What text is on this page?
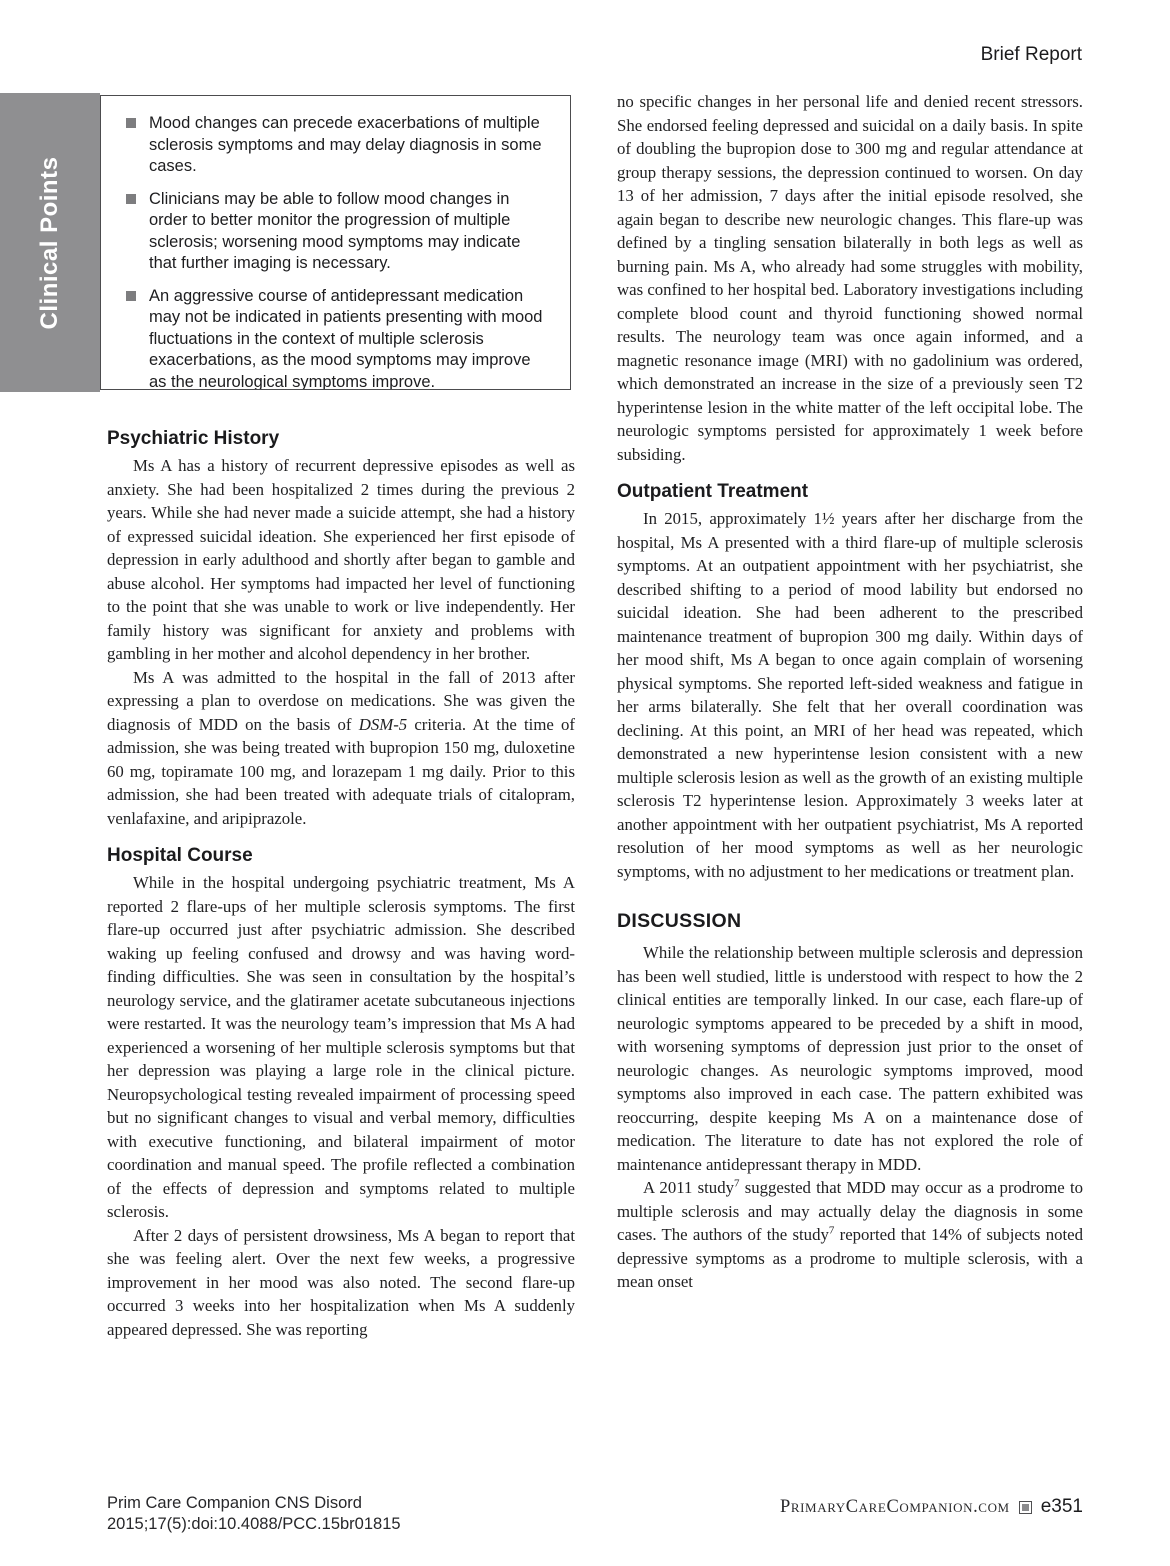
Brief Report
Clinical Points
Mood changes can precede exacerbations of multiple sclerosis symptoms and may delay diagnosis in some cases.
Clinicians may be able to follow mood changes in order to better monitor the progression of multiple sclerosis; worsening mood symptoms may indicate that further imaging is necessary.
An aggressive course of antidepressant medication may not be indicated in patients presenting with mood fluctuations in the context of multiple sclerosis exacerbations, as the mood symptoms may improve as the neurological symptoms improve.
Psychiatric History

Ms A has a history of recurrent depressive episodes as well as anxiety. She had been hospitalized 2 times during the previous 2 years. While she had never made a suicide attempt, she had a history of expressed suicidal ideation. She experienced her first episode of depression in early adulthood and shortly after began to gamble and abuse alcohol. Her symptoms had impacted her level of functioning to the point that she was unable to work or live independently. Her family history was significant for anxiety and problems with gambling in her mother and alcohol dependency in her brother.

Ms A was admitted to the hospital in the fall of 2013 after expressing a plan to overdose on medications. She was given the diagnosis of MDD on the basis of DSM-5 criteria. At the time of admission, she was being treated with bupropion 150 mg, duloxetine 60 mg, topiramate 100 mg, and lorazepam 1 mg daily. Prior to this admission, she had been treated with adequate trials of citalopram, venlafaxine, and aripiprazole.

Hospital Course

While in the hospital undergoing psychiatric treatment, Ms A reported 2 flare-ups of her multiple sclerosis symptoms. The first flare-up occurred just after psychiatric admission. She described waking up feeling confused and drowsy and was having word-finding difficulties. She was seen in consultation by the hospital’s neurology service, and the glatiramer acetate subcutaneous injections were restarted. It was the neurology team’s impression that Ms A had experienced a worsening of her multiple sclerosis symptoms but that her depression was playing a large role in the clinical picture. Neuropsychological testing revealed impairment of processing speed but no significant changes to visual and verbal memory, difficulties with executive functioning, and bilateral impairment of motor coordination and manual speed. The profile reflected a combination of the effects of depression and symptoms related to multiple sclerosis.

After 2 days of persistent drowsiness, Ms A began to report that she was feeling alert. Over the next few weeks, a progressive improvement in her mood was also noted. The second flare-up occurred 3 weeks into her hospitalization when Ms A suddenly appeared depressed. She was reporting

no specific changes in her personal life and denied recent stressors. She endorsed feeling depressed and suicidal on a daily basis. In spite of doubling the bupropion dose to 300 mg and regular attendance at group therapy sessions, the depression continued to worsen. On day 13 of her admission, 7 days after the initial episode resolved, she again began to describe new neurologic changes. This flare-up was defined by a tingling sensation bilaterally in both legs as well as burning pain. Ms A, who already had some struggles with mobility, was confined to her hospital bed. Laboratory investigations including complete blood count and thyroid functioning showed normal results. The neurology team was once again informed, and a magnetic resonance image (MRI) with no gadolinium was ordered, which demonstrated an increase in the size of a previously seen T2 hyperintense lesion in the white matter of the left occipital lobe. The neurologic symptoms persisted for approximately 1 week before subsiding.

Outpatient Treatment

In 2015, approximately 1½ years after her discharge from the hospital, Ms A presented with a third flare-up of multiple sclerosis symptoms. At an outpatient appointment with her psychiatrist, she described shifting to a period of mood lability but endorsed no suicidal ideation. She had been adherent to the prescribed maintenance treatment of bupropion 300 mg daily. Within days of her mood shift, Ms A began to once again complain of worsening physical symptoms. She reported left-sided weakness and fatigue in her arms bilaterally. She felt that her overall coordination was declining. At this point, an MRI of her head was repeated, which demonstrated a new hyperintense lesion consistent with a new multiple sclerosis lesion as well as the growth of an existing multiple sclerosis T2 hyperintense lesion. Approximately 3 weeks later at another appointment with her outpatient psychiatrist, Ms A reported resolution of her mood symptoms as well as her neurologic symptoms, with no adjustment to her medications or treatment plan.

DISCUSSION

While the relationship between multiple sclerosis and depression has been well studied, little is understood with respect to how the 2 clinical entities are temporally linked. In our case, each flare-up of neurologic symptoms appeared to be preceded by a shift in mood, with worsening symptoms of depression just prior to the onset of neurologic changes. As neurologic symptoms improved, mood symptoms also improved in each case. The pattern exhibited was reoccurring, despite keeping Ms A on a maintenance dose of medication. The literature to date has not explored the role of maintenance antidepressant therapy in MDD.

A 2011 study$^7$ suggested that MDD may occur as a prodrome to multiple sclerosis and may actually delay the diagnosis in some cases. The authors of the study$^7$ reported that 14% of subjects noted depressive symptoms as a prodrome to multiple sclerosis, with a mean onset

Prim Care Companion CNS Disord
2015;17(5):doi:10.4088/PCC.15br01815
PrimaryCareCompanion.com e351
